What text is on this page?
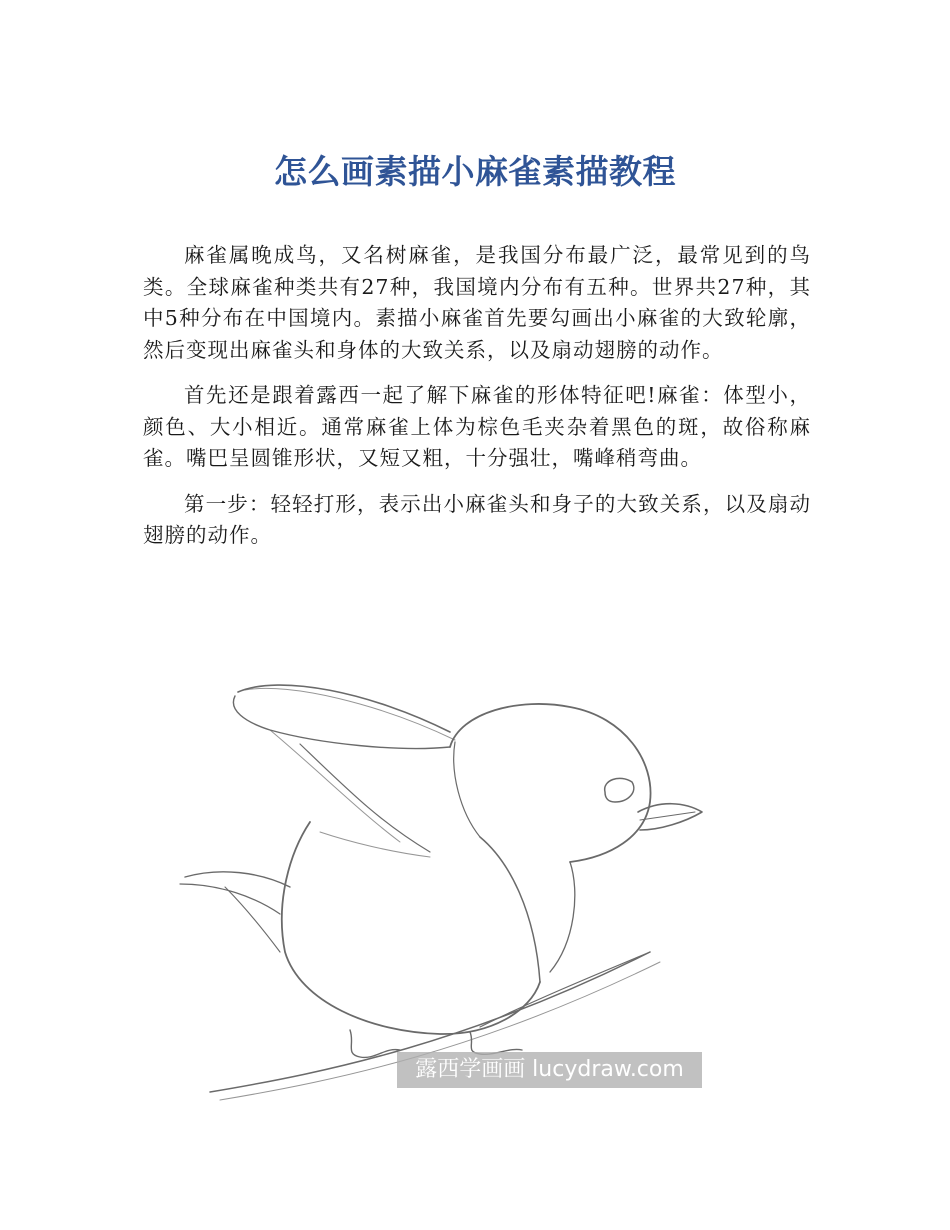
怎么画素描小麻雀素描教程

麻雀属晚成鸟，又名树麻雀，是我国分布最广泛，最常见到的鸟类。全球麻雀种类共有27种，我国境内分布有五种。世界共27种，其中5种分布在中国境内。素描小麻雀首先要勾画出小麻雀的大致轮廓，然后变现出麻雀头和身体的大致关系，以及扇动翅膀的动作。

首先还是跟着露西一起了解下麻雀的形体特征吧!麻雀：体型小，颜色、大小相近。通常麻雀上体为棕色毛夹杂着黑色的斑，故俗称麻雀。嘴巴呈圆锥形状，又短又粗，十分强壮，嘴峰稍弯曲。

第一步：轻轻打形，表示出小麻雀头和身子的大致关系，以及扇动翅膀的动作。

露西学画画 lucydraw.com
